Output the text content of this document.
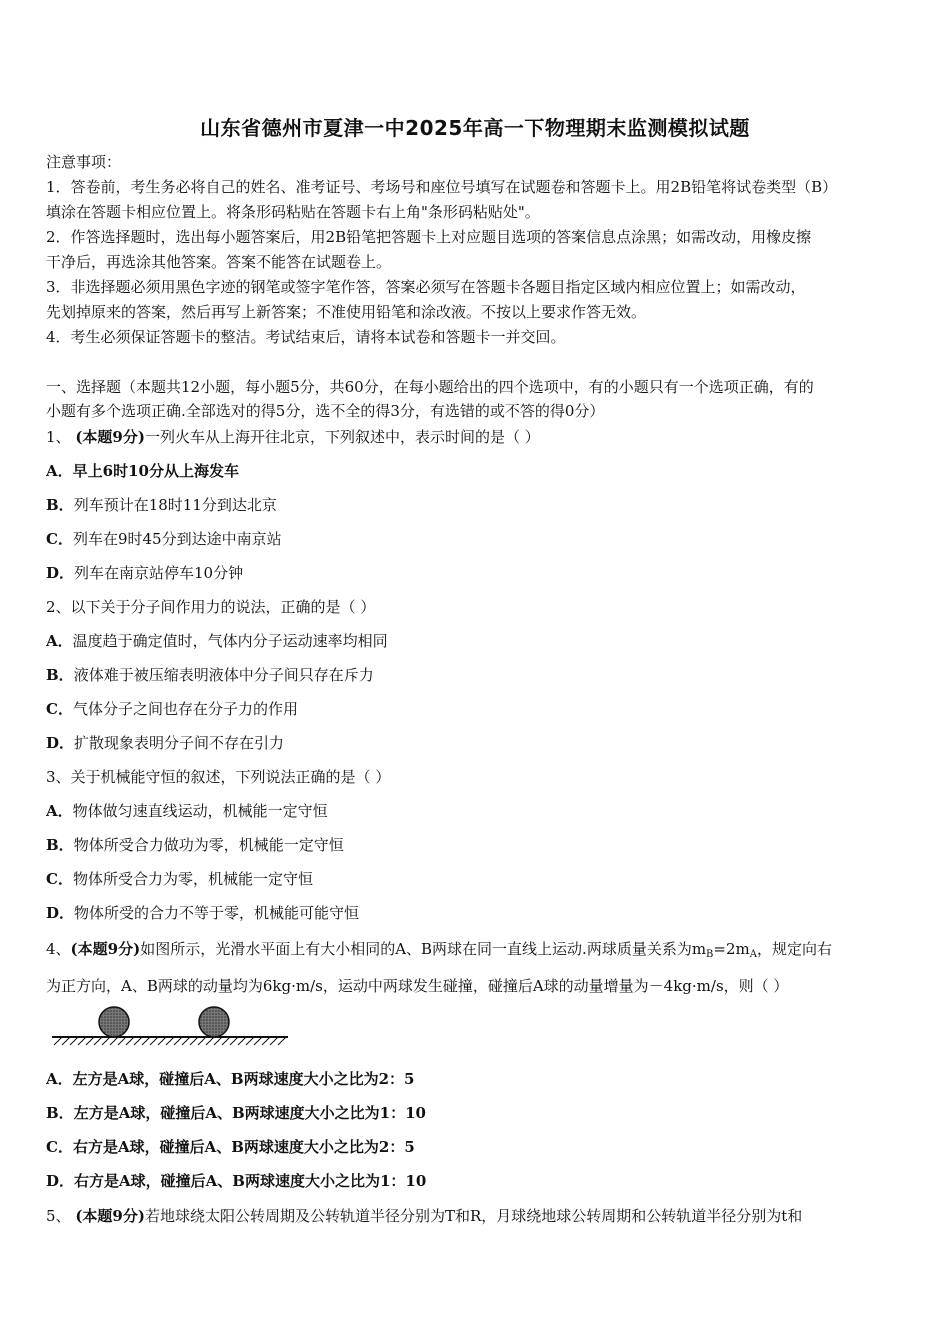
山东省德州市夏津一中2025年高一下物理期末监测模拟试题
注意事项：
1．答卷前，考生务必将自己的姓名、准考证号、考场号和座位号填写在试题卷和答题卡上。用2B铅笔将试卷类型（B）
填涂在答题卡相应位置上。将条形码粘贴在答题卡右上角"条形码粘贴处"。
2．作答选择题时，选出每小题答案后，用2B铅笔把答题卡上对应题目选项的答案信息点涂黑；如需改动，用橡皮擦
干净后，再选涂其他答案。答案不能答在试题卷上。
3．非选择题必须用黑色字迹的钢笔或签字笔作答，答案必须写在答题卡各题目指定区域内相应位置上；如需改动，
先划掉原来的答案，然后再写上新答案；不准使用铅笔和涂改液。不按以上要求作答无效。
4．考生必须保证答题卡的整洁。考试结束后，请将本试卷和答题卡一并交回。
一、选择题（本题共12小题，每小题5分，共60分，在每小题给出的四个选项中，有的小题只有一个选项正确，有的
小题有多个选项正确.全部选对的得5分，选不全的得3分，有选错的或不答的得0分）
1、 (本题9分)一列火车从上海开往北京，下列叙述中，表示时间的是（ ）
A．早上6时10分从上海发车
B．列车预计在18时11分到达北京
C．列车在9时45分到达途中南京站
D．列车在南京站停车10分钟
2、以下关于分子间作用力的说法，正确的是（ ）
A．温度趋于确定值时，气体内分子运动速率均相同
B．液体难于被压缩表明液体中分子间只存在斥力
C．气体分子之间也存在分子力的作用
D．扩散现象表明分子间不存在引力
3、关于机械能守恒的叙述，下列说法正确的是（ ）
A．物体做匀速直线运动，机械能一定守恒
B．物体所受合力做功为零，机械能一定守恒
C．物体所受合力为零，机械能一定守恒
D．物体所受的合力不等于零，机械能可能守恒
4、(本题9分)如图所示，光滑水平面上有大小相同的A、B两球在同一直线上运动.两球质量关系为$m_B=2m_A$，规定向右
为正方向，A、B两球的动量均为6kg·m/s，运动中两球发生碰撞，碰撞后A球的动量增量为－4kg·m/s，则（ ）
A．左方是A球，碰撞后A、B两球速度大小之比为2：5
B．左方是A球，碰撞后A、B两球速度大小之比为1：10
C．右方是A球，碰撞后A、B两球速度大小之比为2：5
D．右方是A球，碰撞后A、B两球速度大小之比为1：10
5、 (本题9分)若地球绕太阳公转周期及公转轨道半径分别为T和R，月球绕地球公转周期和公转轨道半径分别为t和
